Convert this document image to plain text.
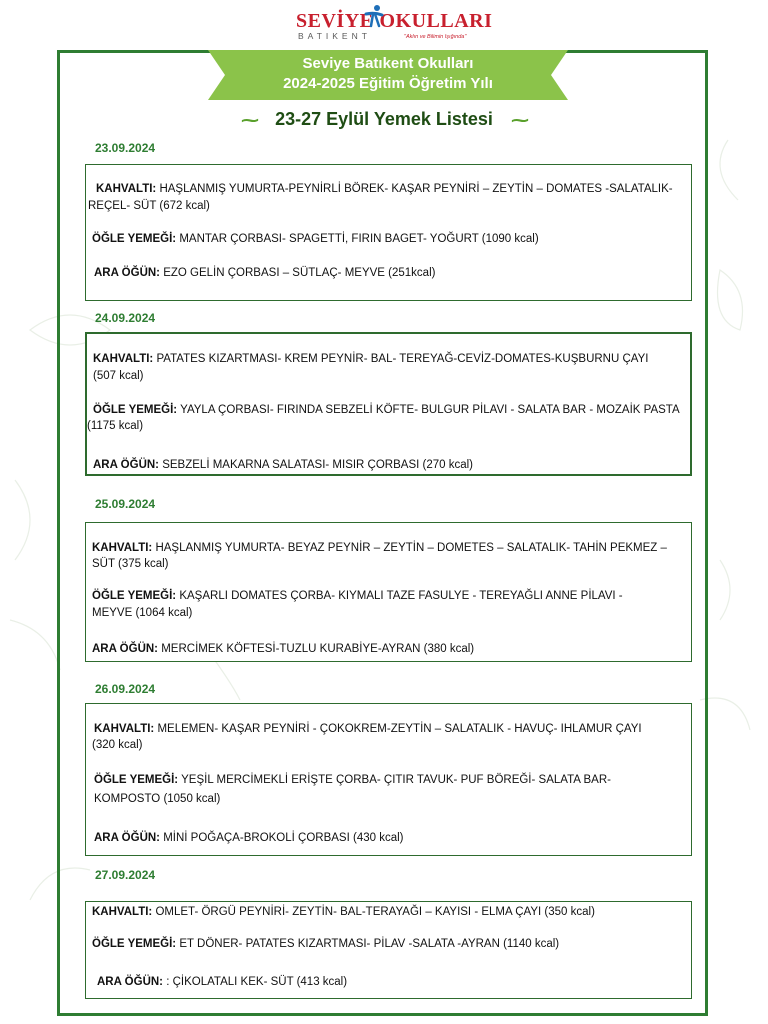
SEVİYE OKULLARI
BATIKENT	"Aklın ve Bilimin Işığında"
Seviye Batıkent Okulları
2024-2025 Eğitim Öğretim Yılı
⁓ 23-27 Eylül Yemek Listesi	⁓
23.09.2024
KAHVALTI: HAŞLANMIŞ YUMURTA-PEYNİRLİ BÖREK- KAŞAR PEYNİRİ – ZEYTİN – DOMATES -SALATALIK-
REÇEL- SÜT (672 kcal)
ÖĞLE YEMEĞİ: MANTAR ÇORBASI- SPAGETTİ, FIRIN BAGET- YOĞURT (1090 kcal)
ARA ÖĞÜN: EZO GELİN ÇORBASI – SÜTLAÇ- MEYVE (251kcal)
24.09.2024
KAHVALTI: PATATES KIZARTMASI- KREM PEYNİR- BAL- TEREYAĞ-CEVİZ-DOMATES-KUŞBURNU ÇAYI
(507 kcal)
ÖĞLE YEMEĞİ: YAYLA ÇORBASI- FIRINDA SEBZELİ KÖFTE- BULGUR PİLAVI - SALATA BAR - MOZAİK PASTA
(1175 kcal)
ARA ÖĞÜN: SEBZELİ MAKARNA SALATASI- MISIR ÇORBASI (270 kcal)
25.09.2024
KAHVALTI: HAŞLANMIŞ YUMURTA- BEYAZ PEYNİR – ZEYTİN – DOMETES – SALATALIK- TAHİN PEKMEZ –
SÜT (375 kcal)
ÖĞLE YEMEĞİ: KAŞARLI DOMATES ÇORBA- KIYMALI TAZE FASULYE - TEREYAĞLI ANNE PİLAVI -
MEYVE (1064 kcal)
ARA ÖĞÜN: MERCİMEK KÖFTESİ-TUZLU KURABİYE-AYRAN (380 kcal)
26.09.2024
KAHVALTI: MELEMEN- KAŞAR PEYNİRİ - ÇOKOKREM-ZEYTİN – SALATALIK - HAVUÇ- IHLAMUR ÇAYI
(320 kcal)
ÖĞLE YEMEĞİ: YEŞİL MERCİMEKLİ ERİŞTE ÇORBA- ÇITIR TAVUK- PUF BÖREĞİ- SALATA BAR-
KOMPOSTO (1050 kcal)
ARA ÖĞÜN: MİNİ POĞAÇA-BROKOLİ ÇORBASI (430 kcal)
27.09.2024
KAHVALTI: OMLET- ÖRGÜ PEYNİRİ- ZEYTİN- BAL-TERAYAĞI – KAYISI - ELMA ÇAYI (350 kcal)
ÖĞLE YEMEĞİ: ET DÖNER- PATATES KIZARTMASI- PİLAV -SALATA -AYRAN (1140 kcal)
ARA ÖĞÜN: : ÇİKOLATALI KEK- SÜT (413 kcal)
